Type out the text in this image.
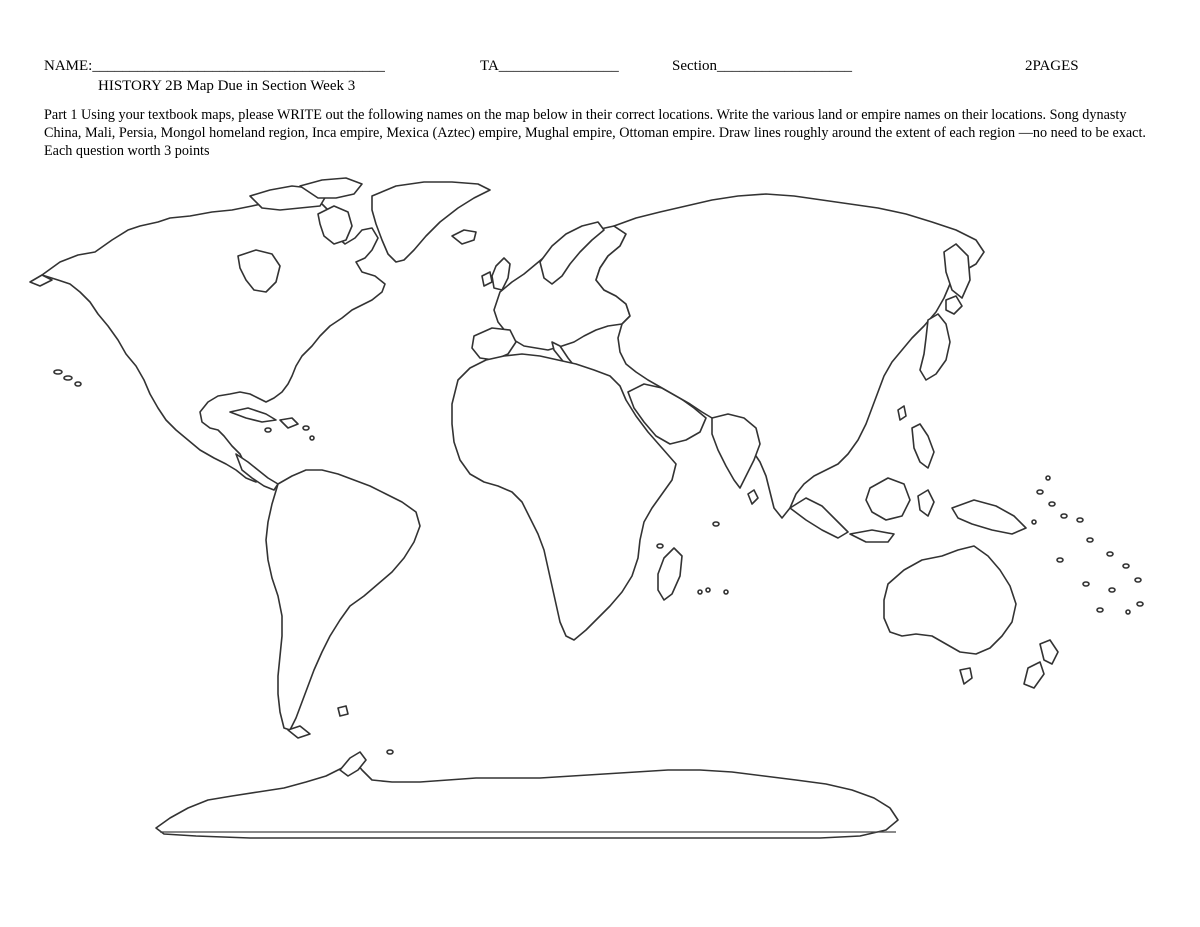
NAME:_______________________________________	TA________________	Section__________________	2PAGES
HISTORY 2B Map Due in Section Week 3
Part 1 Using your textbook maps, please WRITE out the following names on the map below in their correct locations. Write the various land or empire names on their locations. Song dynasty China, Mali, Persia, Mongol homeland region, Inca empire, Mexica (Aztec) empire, Mughal empire, Ottoman empire. Draw lines roughly around the extent of each region —no need to be exact. Each question worth 3 points
